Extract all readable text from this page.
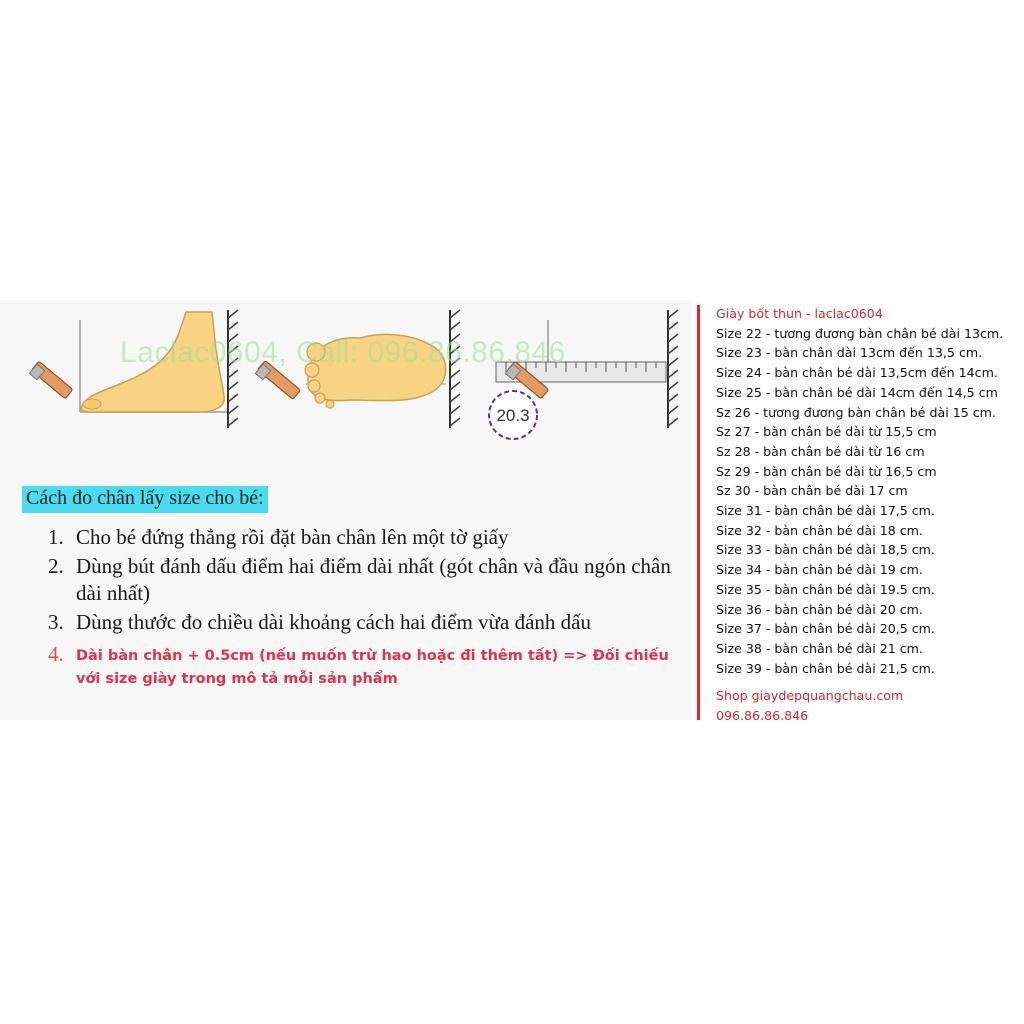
20.3
Laclac0604, Call: 096.86.86.846
Cách đo chân lấy size cho bé:
1. Cho bé đứng thẳng rồi đặt bàn chân lên một tờ giấy
2. Dùng bút đánh dấu điểm hai điểm dài nhất (gót chân và đầu ngón chân dài nhất)
3. Dùng thước đo chiều dài khoảng cách hai điểm vừa đánh dấu
4. Dài bàn chân + 0.5cm (nếu muốn trừ hao hoặc đi thêm tất) => Đối chiếu với size giày trong mô tả mỗi sản phẩm
Giày bốt thun - laclac0604
Size 22 - tương đương bàn chân bé dài 13cm.
Size 23 - bàn chân dài 13cm đến 13,5 cm.
Size 24 - bàn chân bé dài 13,5cm đến 14cm.
Size 25 - bàn chân bé dài 14cm đến 14,5 cm
Sz 26 - tương đương bàn chân bé dài 15 cm.
Sz 27 - bàn chân bé dài từ 15,5 cm
Sz 28 - bàn chân bé dài từ 16 cm
Sz 29 - bàn chân bé dài từ 16,5 cm
Sz 30 - bàn chân bé dài 17 cm
Size 31 - bàn chân bé dài 17,5 cm.
Size 32 - bàn chân bé dài 18 cm.
Size 33 - bàn chân bé dài 18,5 cm.
Size 34 - bàn chân bé dài 19 cm.
Size 35 - bàn chân bé dài 19.5 cm.
Size 36 - bàn chân bé dài 20 cm.
Size 37 - bàn chân bé dài 20,5 cm.
Size 38 - bàn chân bé dài 21 cm.
Size 39 - bàn chân bé dài 21,5 cm.
Shop giaydepquangchau.com
096.86.86.846
